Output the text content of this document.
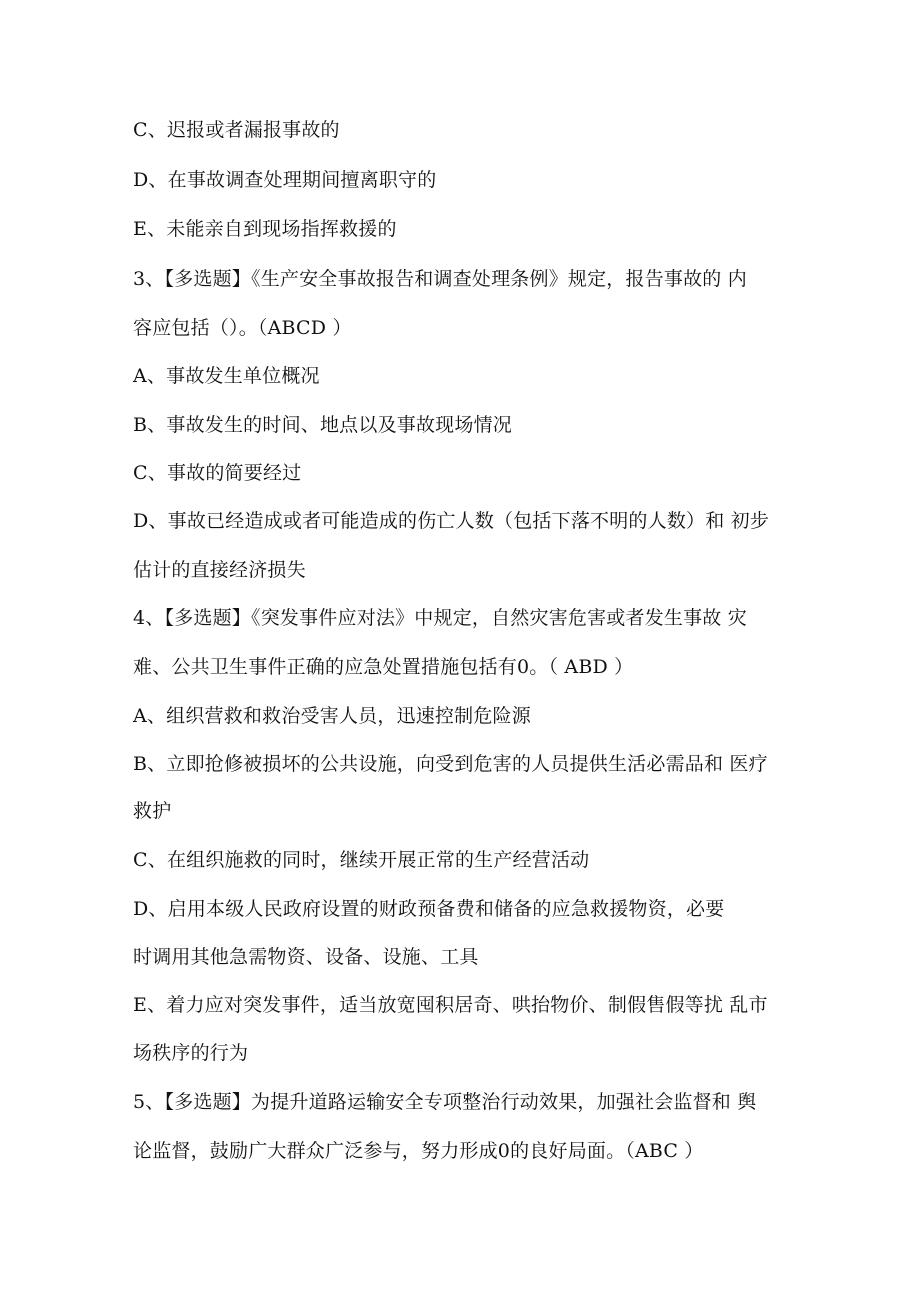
C、迟报或者漏报事故的
D、在事故调查处理期间擅离职守的
E、未能亲自到现场指挥救援的
3、【多选题】《生产安全事故报告和调查处理条例》规定，报告事故的 内
容应包括（）。（ABCD ）
A、事故发生单位概况
B、事故发生的时间、地点以及事故现场情况
C、事故的简要经过
D、事故已经造成或者可能造成的伤亡人数（包括下落不明的人数）和 初步
估计的直接经济损失
4、【多选题】《突发事件应对法》中规定，自然灾害危害或者发生事故 灾
难、公共卫生事件正确的应急处置措施包括有0。（ ABD ）
A、组织营救和救治受害人员，迅速控制危险源
B、立即抢修被损坏的公共设施，向受到危害的人员提供生活必需品和 医疗
救护
C、在组织施救的同时，继续开展正常的生产经营活动
D、启用本级人民政府设置的财政预备费和储备的应急救援物资，必要
时调用其他急需物资、设备、设施、工具
E、着力应对突发事件，适当放宽囤积居奇、哄抬物价、制假售假等扰 乱市
场秩序的行为
5、【多选题】为提升道路运输安全专项整治行动效果，加强社会监督和 舆
论监督，鼓励广大群众广泛参与，努力形成0的良好局面。（ABC ）
